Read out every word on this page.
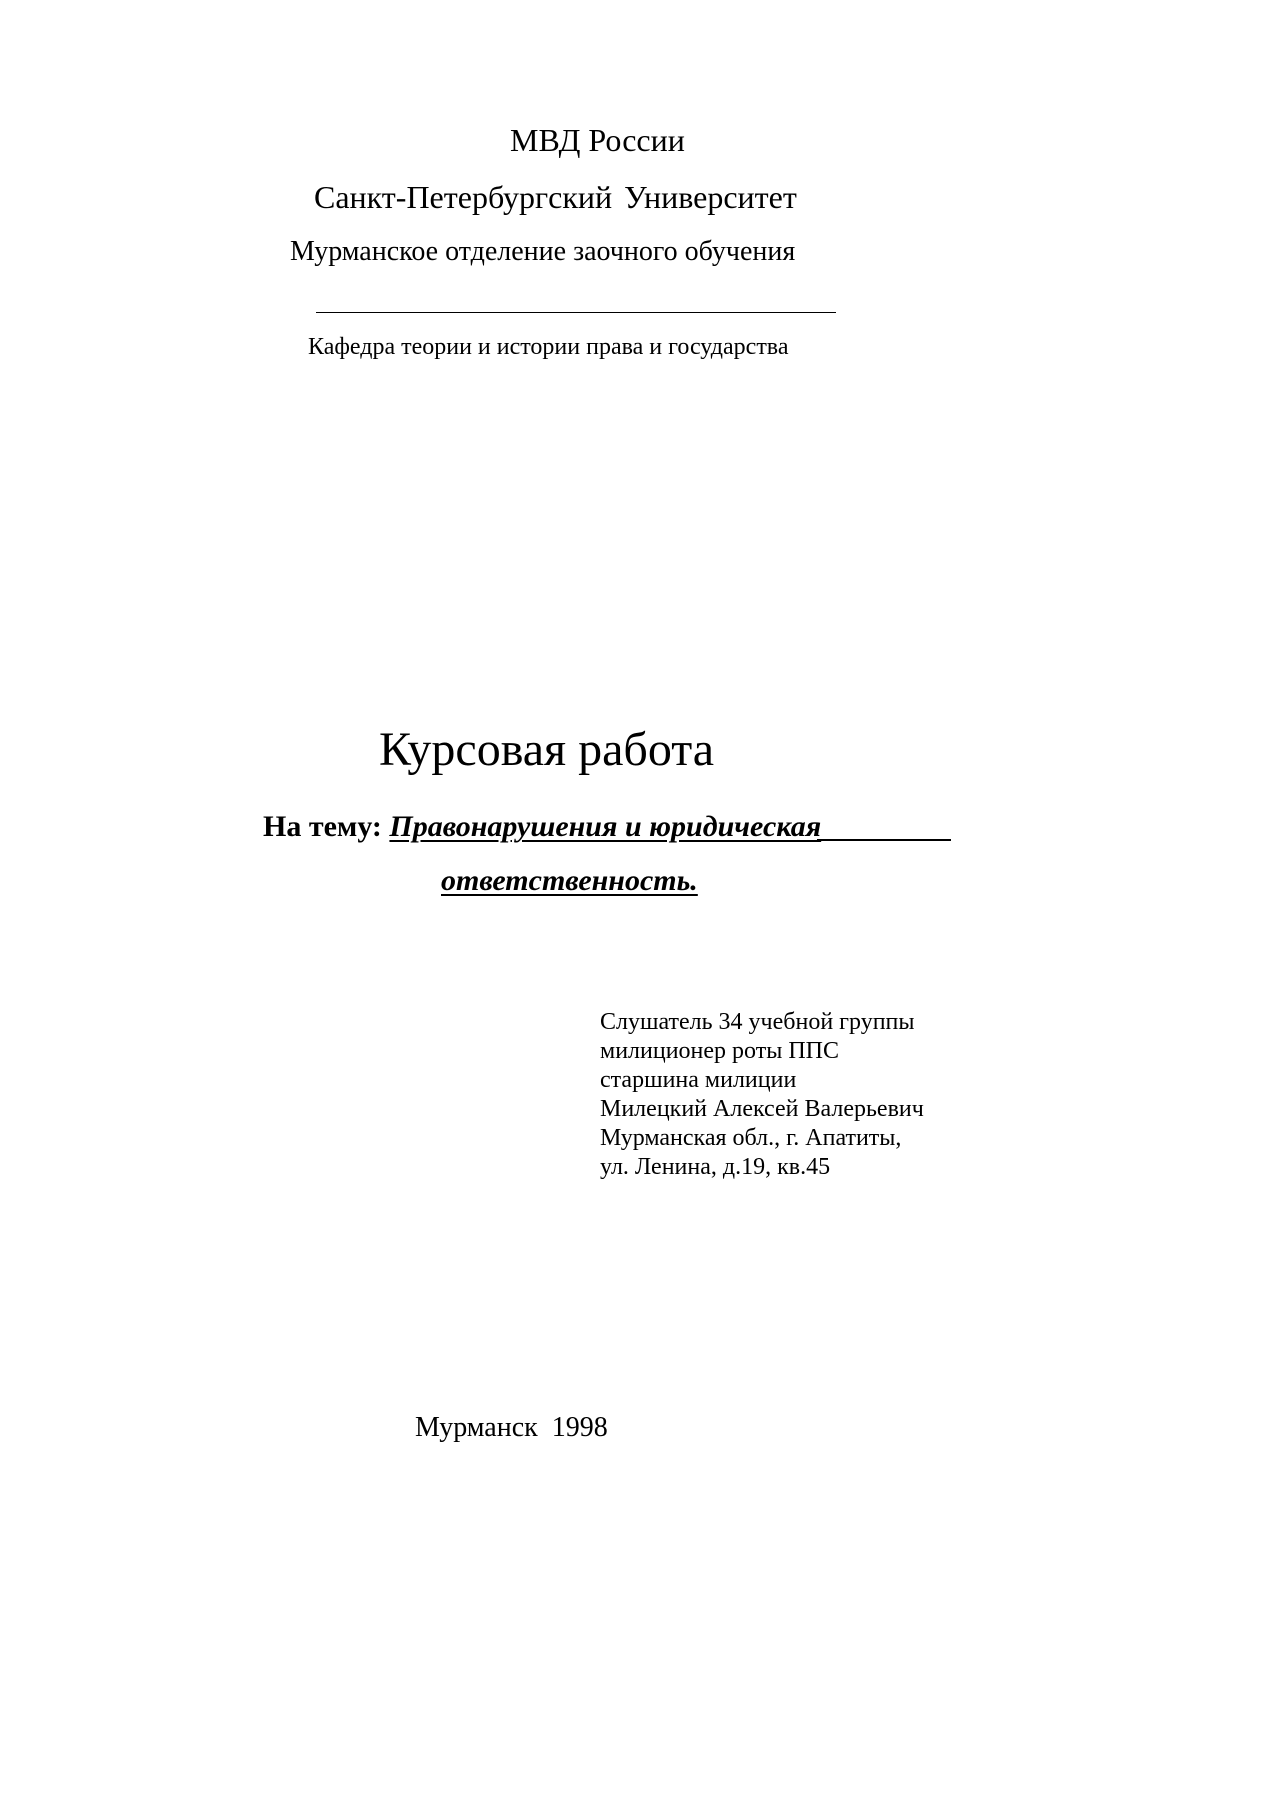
МВД России
Санкт-Петербургский Университет
Мурманское отделение заочного обучения
Кафедра теории и истории права и государства
Курсовая работа
На тему: Правонарушения и юридическая
ответственность.
Слушатель 34 учебной группы
милиционер роты ППС
старшина милиции
Милецкий Алексей Валерьевич
Мурманская обл., г. Апатиты,
ул. Ленина, д.19, кв.45
Мурманск  1998
